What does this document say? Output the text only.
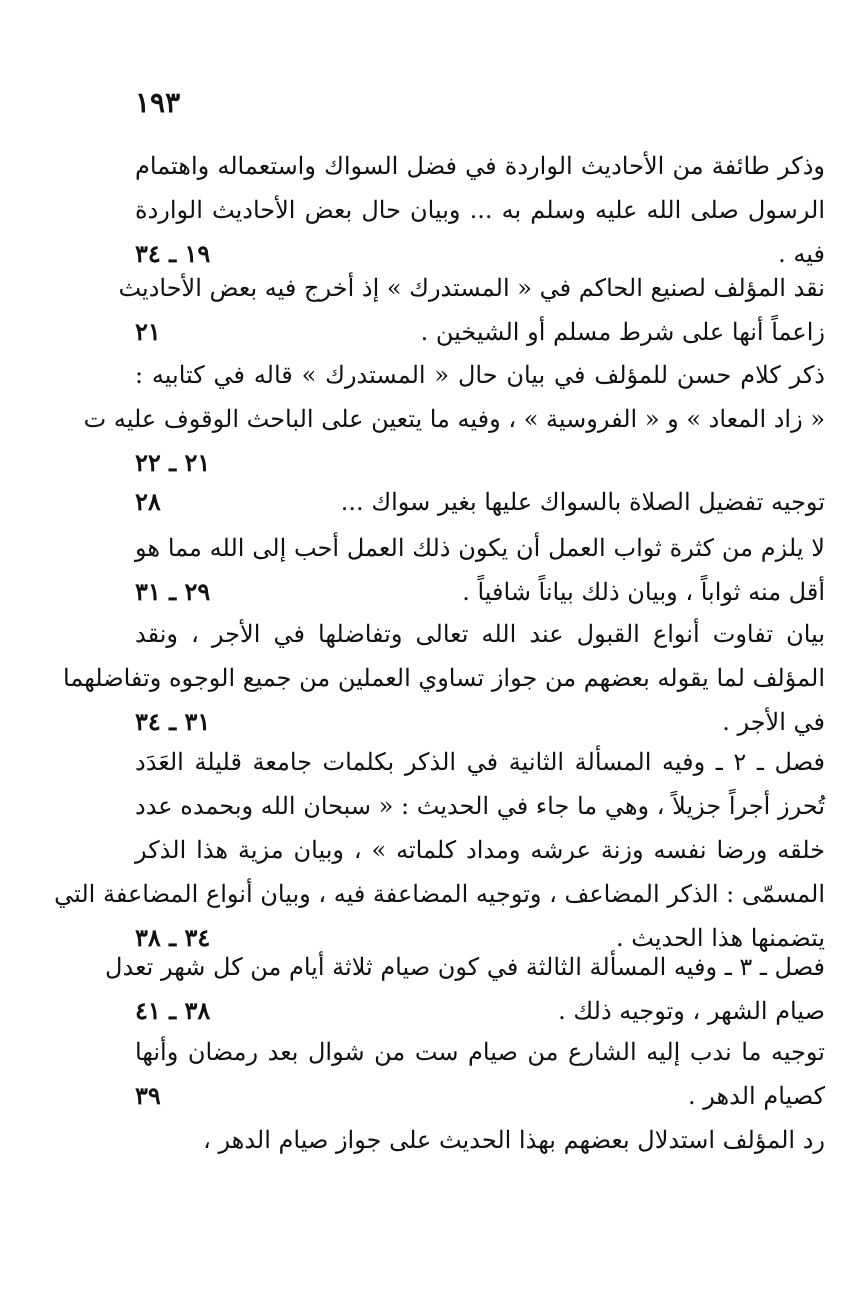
١٩٣
وذكر طائفة من الأحاديث الواردة في فضل السواك واستعماله واهتمام
الرسول صلى الله عليه وسلم به ... وبيان حال بعض الأحاديث الواردة
فيه .
١٩ ـ ٣٤
نقد المؤلف لصنيع الحاكم في « المستدرك » إذ أخرج فيه بعض الأحاديث
زاعماً أنها على شرط مسلم أو الشيخين .
٢١
ذكر كلام حسن للمؤلف في بيان حال « المستدرك » قاله في كتابيه :
« زاد المعاد » و « الفروسية » ، وفيه ما يتعين على الباحث الوقوف عليه ت
٢١ ـ ٢٢
توجيه تفضيل الصلاة بالسواك عليها بغير سواك ...
٢٨
لا يلزم من كثرة ثواب العمل أن يكون ذلك العمل أحب إلى الله مما هو
أقل منه ثواباً ، وبيان ذلك بياناً شافياً .
٢٩ ـ ٣١
بيان تفاوت أنواع القبول عند الله تعالى وتفاضلها في الأجر ، ونقد
المؤلف لما يقوله بعضهم من جواز تساوي العملين من جميع الوجوه وتفاضلهما
في الأجر .
٣١ ـ ٣٤
فصل ـ ٢ ـ وفيه المسألة الثانية في الذكر بكلمات جامعة قليلة العَدَد
تُحرز أجراً جزيلاً ، وهي ما جاء في الحديث : « سبحان الله وبحمده عدد
خلقه ورضا نفسه وزنة عرشه ومداد كلماته » ، وبيان مزية هذا الذكر
المسمّى : الذكر المضاعف ، وتوجيه المضاعفة فيه ، وبيان أنواع المضاعفة التي
يتضمنها هذا الحديث .
٣٤ ـ ٣٨
فصل ـ ٣ ـ وفيه المسألة الثالثة في كون صيام ثلاثة أيام من كل شهر تعدل
صيام الشهر ، وتوجيه ذلك .
٣٨ ـ ٤١
توجيه ما ندب إليه الشارع من صيام ست من شوال بعد رمضان وأنها
كصيام الدهر .
٣٩
رد المؤلف استدلال بعضهم بهذا الحديث على جواز صيام الدهر ،
